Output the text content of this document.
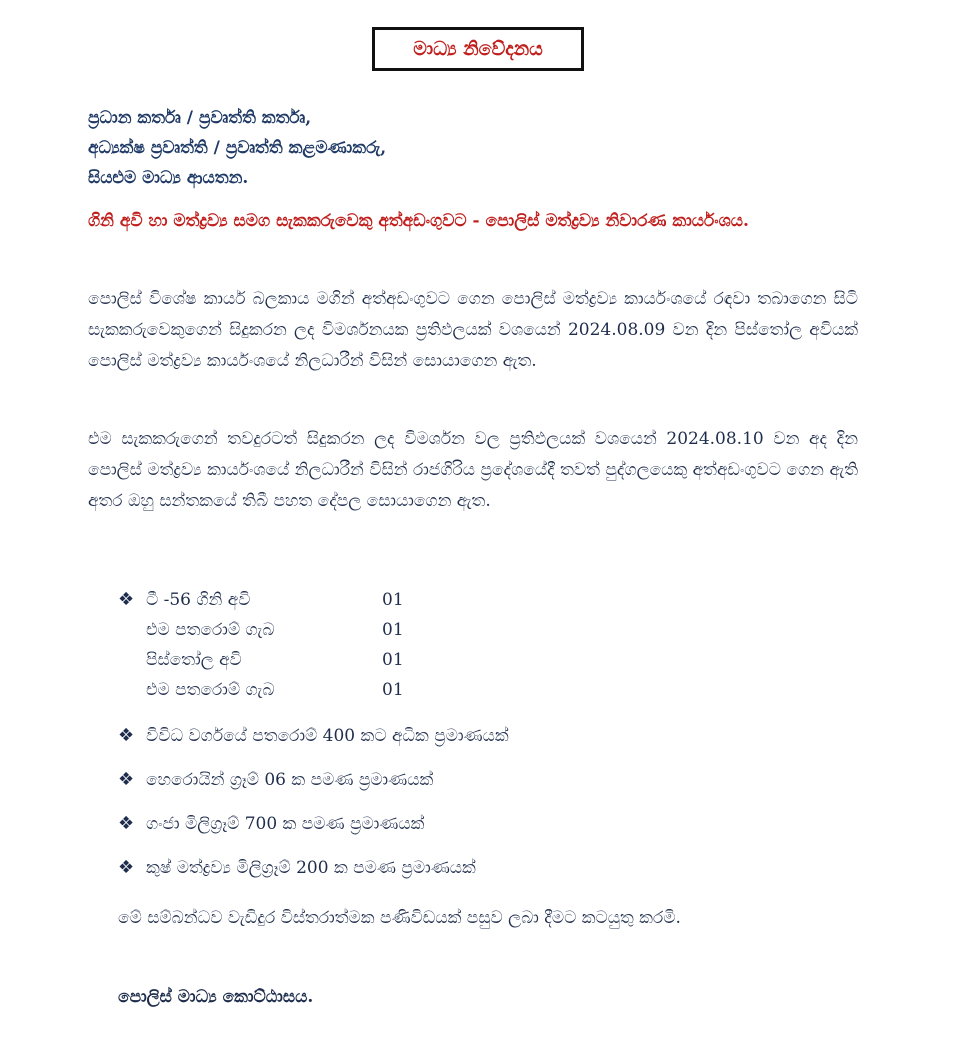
මාධ්‍ය නිවේදනය
ප්‍රධාන කර්තෘ / ප්‍රවෘත්ති කර්තෘ,
අධ්‍යක්ෂ ප්‍රවෘත්ති / ප්‍රවෘත්ති කළමණාකරු,
සියළුම මාධ්‍ය ආයතන.
ගිනි අවි හා මත්ද්‍රව්‍ය සමග සැකකරුවෙකු අත්අඩංගුවට - පොලිස් මත්ද්‍රව්‍ය නිවාරණ කාර්යංශය.
පොලිස් විශේෂ කාර්ය බලකාය මගින් අත්අඩංගුවට ගෙන පොලිස් මත්ද්‍රව්‍ය කාර්යංශයේ රඳවා තබාගෙන සිටි සැකකරුවෙකුගෙන් සිදුකරන ලද විමර්ශනයක ප්‍රතිඵලයක් වශයෙන් 2024.08.09 වන දින පිස්තෝල අවියක් පොලිස් මත්ද්‍රව්‍ය කාර්යංශයේ නිලධාරීන් විසින් සොයාගෙන ඇත.
එම සැකකරුගෙන් තවදුරටත් සිදුකරන ලද විමර්ශන වල ප්‍රතිඵලයක් වශයෙන් 2024.08.10 වන අද දින පොලිස් මත්ද්‍රව්‍ය කාර්යංශයේ නිලධාරීන් විසින් රාජගිරිය ප්‍රදේශයේදී තවත් පුද්ගලයෙකු අත්අඩංගුවට ගෙන ඇති අතර ඔහු සන්තකයේ තිබී පහත දේපල සොයාගෙන ඇත.
❖ ටී -56 ගිනි අවි	01
එම පතරොම් ගැබ	01
පිස්තෝල අවි	01
එම පතරොම් ගැබ	01
❖ විවිධ වර්ගයේ පතරොම් 400 කට අධික ප්‍රමාණයක්
❖ හෙරොයින් ග්‍රෑම් 06 ක පමණ ප්‍රමාණයක්
❖ ගංජා මිලිග්‍රෑම් 700 ක පමණ ප්‍රමාණයක්
❖ කුෂ් මත්ද්‍රව්‍ය මිලිග්‍රෑම් 200 ක පමණ ප්‍රමාණයක්
මේ සම්බන්ධව වැඩිදුර විස්තරාත්මක පණිවිඩයක් පසුව ලබා දීමට කටයුතු කරමි.
පොලිස් මාධ්‍ය කොට්ඨාසය.
